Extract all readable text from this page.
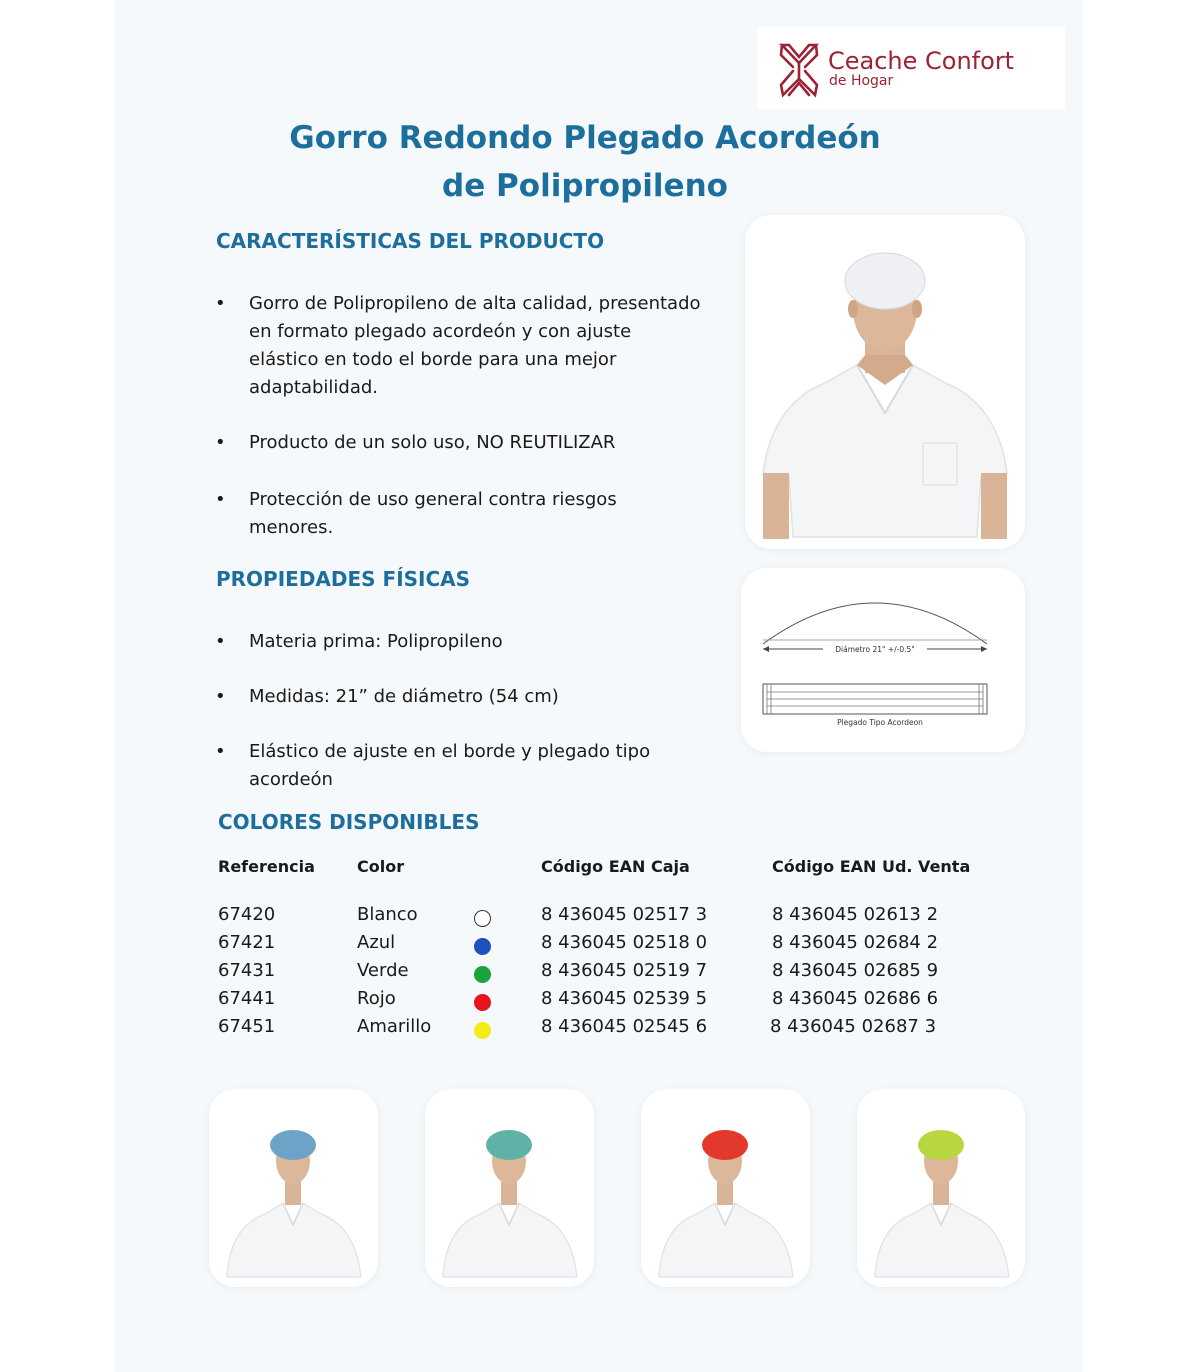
Ceache Confort
de Hogar
Gorro Redondo Plegado Acordeón
de Polipropileno
CARACTERÍSTICAS DEL PRODUCTO
• Gorro de Polipropileno de alta calidad, presentado en formato plegado acordeón y con ajuste elástico en todo el borde para una mejor adaptabilidad.
• Producto de un solo uso, NO REUTILIZAR
• Protección de uso general contra riesgos menores.
PROPIEDADES FÍSICAS
• Materia prima: Polipropileno
• Medidas: 21” de diámetro (54 cm)
• Elástico de ajuste en el borde y plegado tipo acordeón
Diámetro 21" +/-0.5"
Plegado Tipo Acordeon
COLORES DISPONIBLES
Referencia	Color	Código EAN Caja	Código EAN Ud. Venta
67420	Blanco	8 436045 02517 3	8 436045 02613 2
67421	Azul	8 436045 02518 0	8 436045 02684 2
67431	Verde	8 436045 02519 7	8 436045 02685 9
67441	Rojo	8 436045 02539 5	8 436045 02686 6
67451	Amarillo	8 436045 02545 6	8 436045 02687 3
